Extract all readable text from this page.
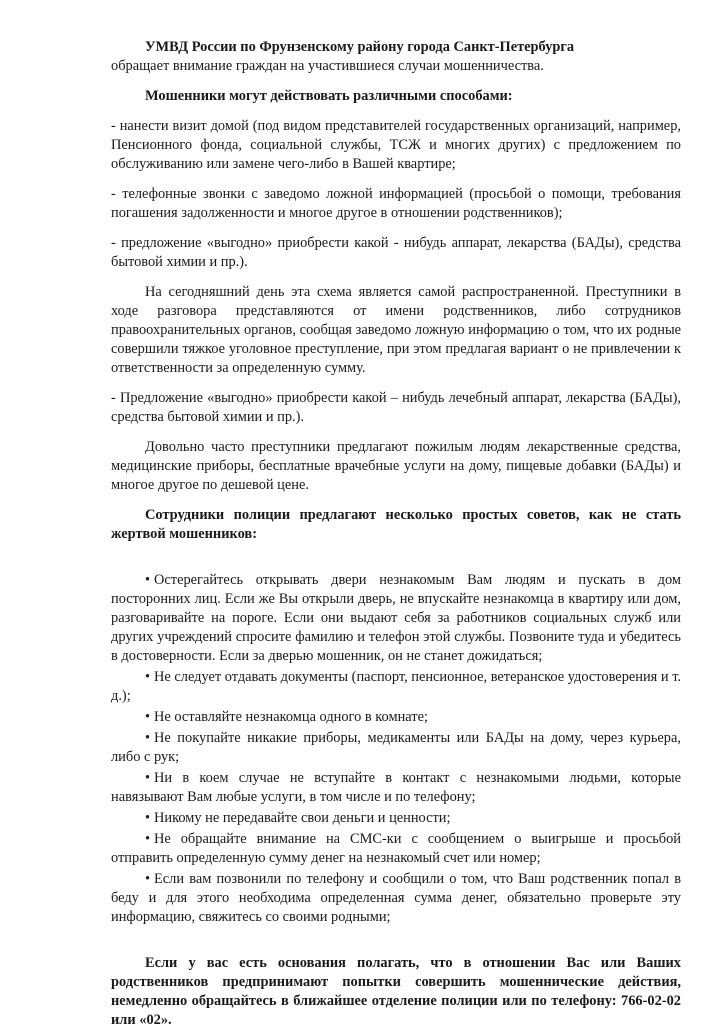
УМВД России по Фрунзенскому району города Санкт-Петербурга

обращает внимание граждан на участившиеся случаи мошенничества.

Мошенники могут действовать различными способами:

- нанести визит домой (под видом представителей государственных организаций, например, Пенсионного фонда, социальной службы, ТСЖ и многих других) с предложением по обслуживанию или замене чего-либо в Вашей квартире;

- телефонные звонки с заведомо ложной информацией (просьбой о помощи, требования погашения задолженности и многое другое в отношении родственников);

- предложение «выгодно» приобрести какой - нибудь аппарат, лекарства (БАДы), средства бытовой химии и пр.).

На сегодняшний день эта схема является самой распространенной. Преступники в ходе разговора представляются от имени родственников, либо сотрудников правоохранительных органов, сообщая заведомо ложную информацию о том, что их родные совершили тяжкое уголовное преступление, при этом предлагая вариант о не привлечении к ответственности за определенную сумму.

- Предложение «выгодно» приобрести какой – нибудь лечебный аппарат, лекарства (БАДы), средства бытовой химии и пр.).

Довольно часто преступники предлагают пожилым людям лекарственные средства, медицинские приборы, бесплатные врачебные услуги на дому, пищевые добавки (БАДы) и многое другое по дешевой цене.

Сотрудники полиции предлагают несколько простых советов, как не стать жертвой мошенников:

• Остерегайтесь открывать двери незнакомым Вам людям и пускать в дом посторонних лиц. Если же Вы открыли дверь, не впускайте незнакомца в квартиру или дом, разговаривайте на пороге. Если они выдают себя за работников социальных служб или других учреждений спросите фамилию и телефон этой службы. Позвоните туда и убедитесь в достоверности. Если за дверью мошенник, он не станет дожидаться;

• Не следует отдавать документы (паспорт, пенсионное, ветеранское удостоверения и т. д.);

• Не оставляйте незнакомца одного в комнате;

• Не покупайте никакие приборы, медикаменты или БАДы на дому, через курьера, либо с рук;

• Ни в коем случае не вступайте в контакт с незнакомыми людьми, которые навязывают Вам любые услуги, в том числе и по телефону;

• Никому не передавайте свои деньги и ценности;

• Не обращайте внимание на СМС-ки с сообщением о выигрыше и просьбой отправить определенную сумму денег на незнакомый счет или номер;

• Если вам позвонили по телефону и сообщили о том, что Ваш родственник попал в беду и для этого необходима определенная сумма денег, обязательно проверьте эту информацию, свяжитесь со своими родными;

Если у вас есть основания полагать, что в отношении Вас или Ваших родственников предпринимают попытки совершить мошеннические действия, немедленно обращайтесь в ближайшее отделение полиции или по телефону: 766-02-02 или «02».
